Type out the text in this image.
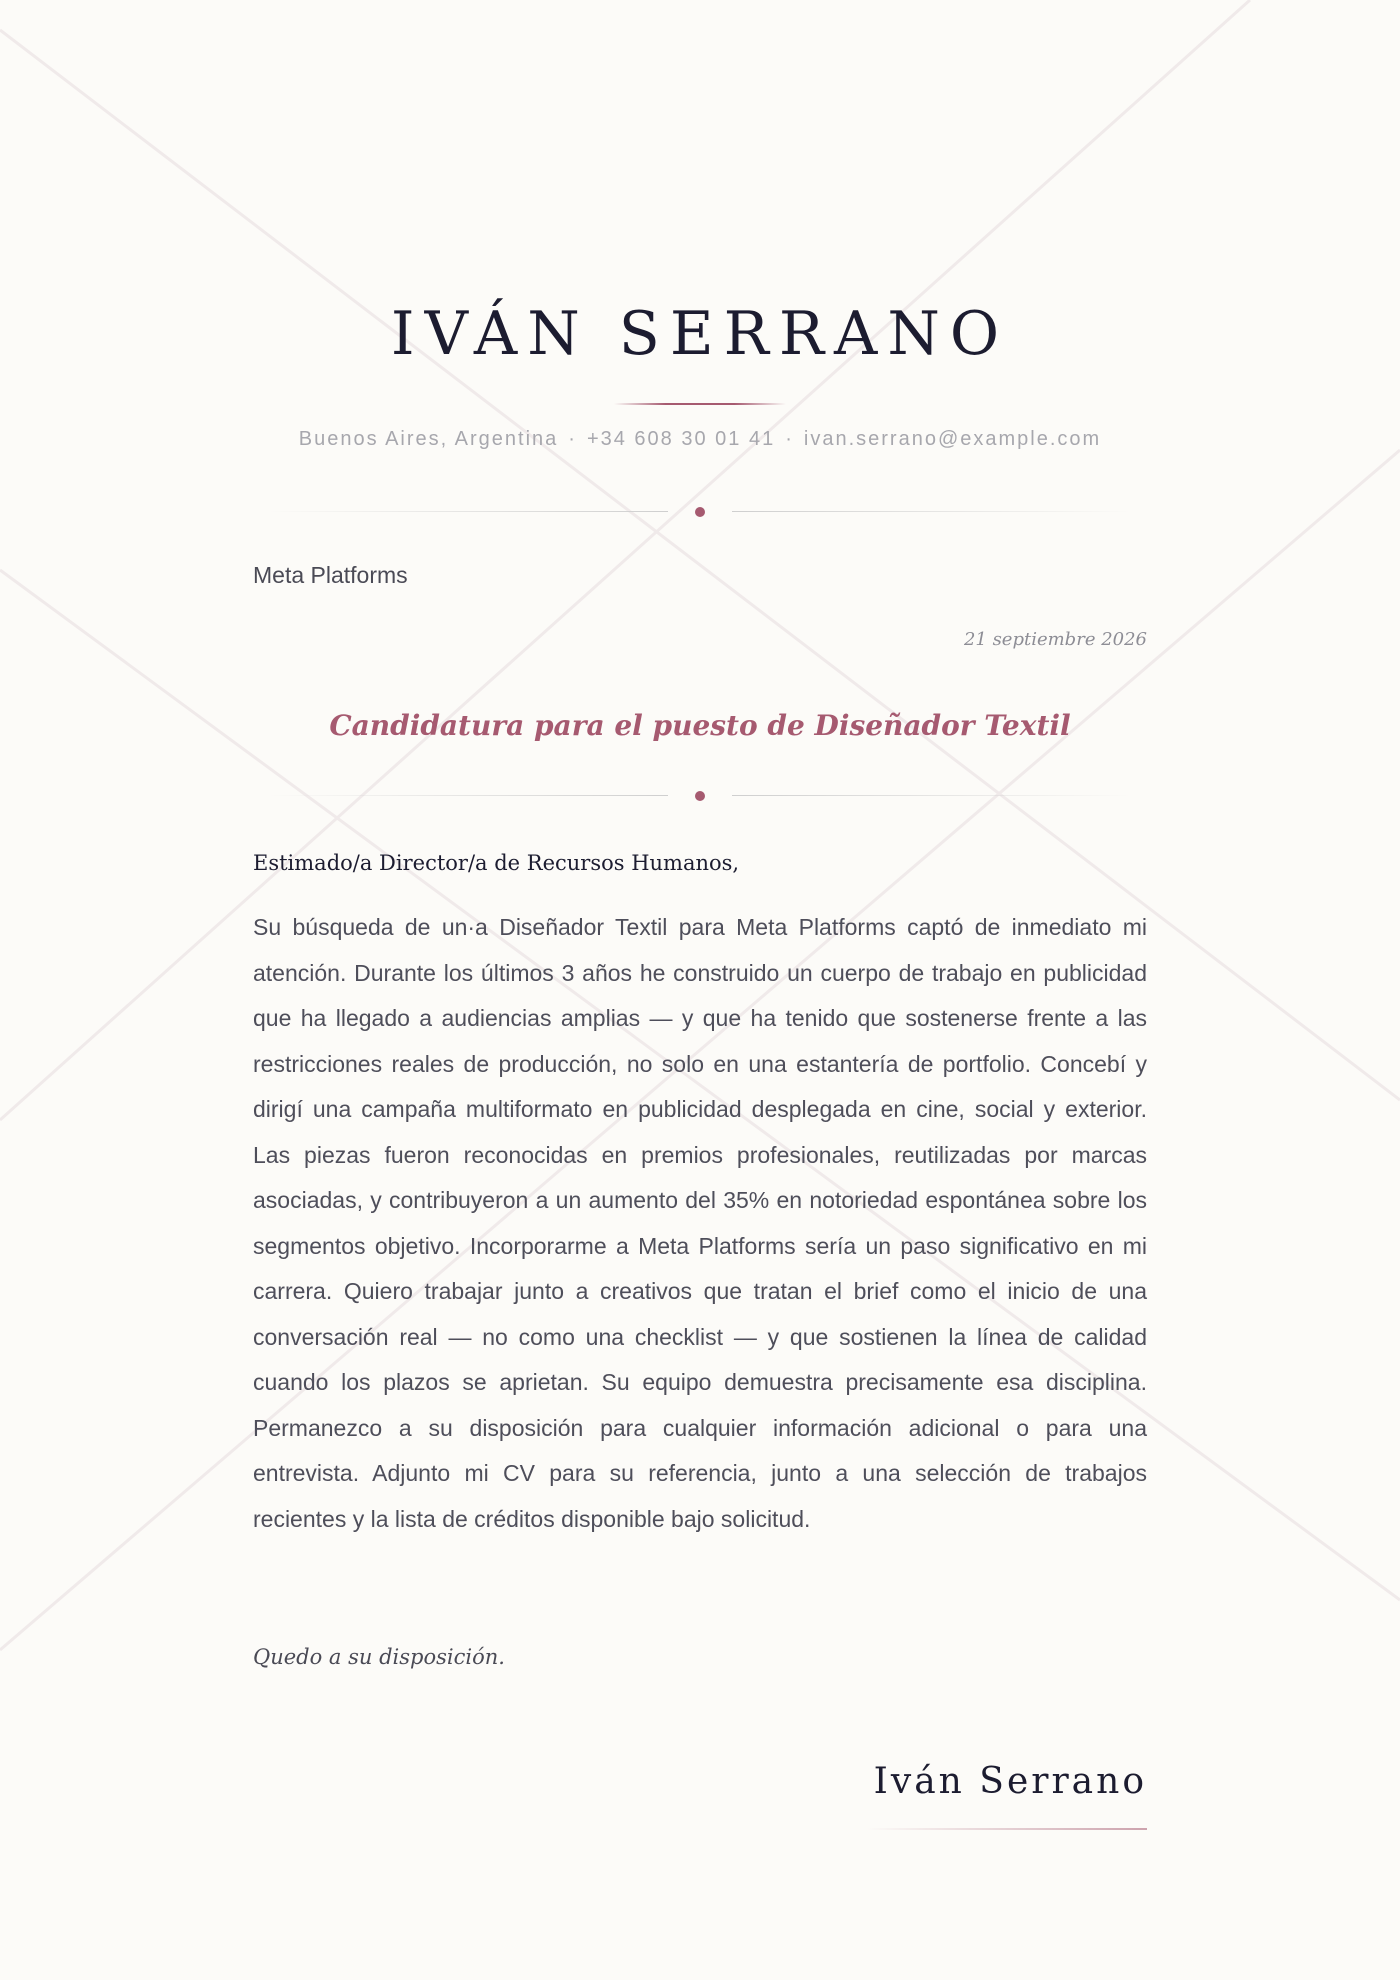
IVÁN SERRANO
Buenos Aires, Argentina · +34 608 30 01 41 · ivan.serrano@example.com
Meta Platforms
21 septiembre 2026
Candidatura para el puesto de Diseñador Textil
Estimado/a Director/a de Recursos Humanos,

Su búsqueda de un·a Diseñador Textil para Meta Platforms captó de inmediato mi atención. Durante los últimos 3 años he construido un cuerpo de trabajo en publicidad que ha llegado a audiencias amplias — y que ha tenido que sostenerse frente a las restricciones reales de producción, no solo en una estantería de portfolio. Concebí y dirigí una campaña multiformato en publicidad desplegada en cine, social y exterior. Las piezas fueron reconocidas en premios profesionales, reutilizadas por marcas asociadas, y contribuyeron a un aumento del 35% en notoriedad espontánea sobre los segmentos objetivo. Incorporarme a Meta Platforms sería un paso significativo en mi carrera. Quiero trabajar junto a creativos que tratan el brief como el inicio de una conversación real — no como una checklist — y que sostienen la línea de calidad cuando los plazos se aprietan. Su equipo demuestra precisamente esa disciplina. Permanezco a su disposición para cualquier información adicional o para una entrevista. Adjunto mi CV para su referencia, junto a una selección de trabajos recientes y la lista de créditos disponible bajo solicitud.

Quedo a su disposición.
Iván Serrano
